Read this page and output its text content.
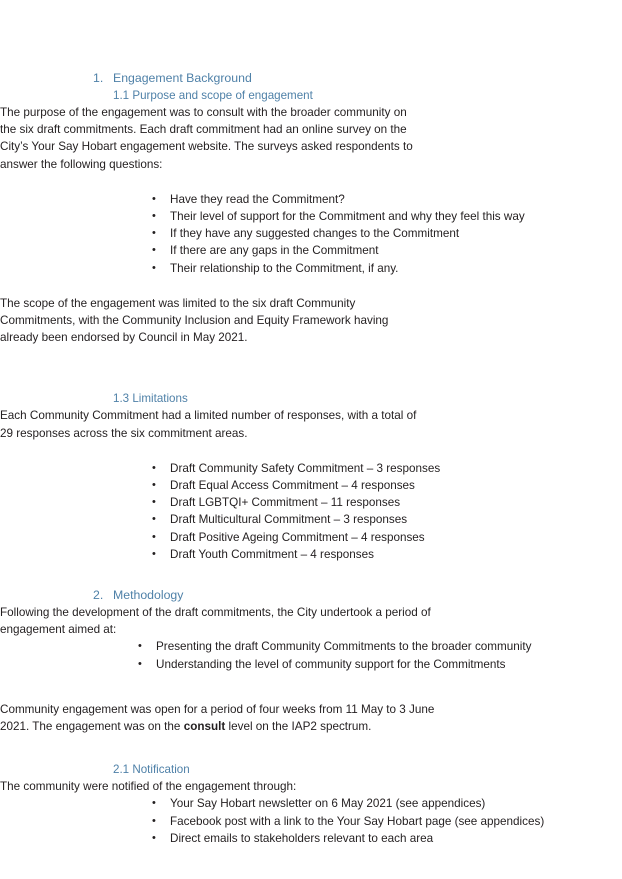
1. Engagement Background
1.1 Purpose and scope of engagement

The purpose of the engagement was to consult with the broader community on the six draft commitments. Each draft commitment had an online survey on the City’s Your Say Hobart engagement website. The surveys asked respondents to answer the following questions:

• Have they read the Commitment?
• Their level of support for the Commitment and why they feel this way
• If they have any suggested changes to the Commitment
• If there are any gaps in the Commitment
• Their relationship to the Commitment, if any.

The scope of the engagement was limited to the six draft Community Commitments, with the Community Inclusion and Equity Framework having already been endorsed by Council in May 2021.

1.3 Limitations

Each Community Commitment had a limited number of responses, with a total of 29 responses across the six commitment areas.

• Draft Community Safety Commitment – 3 responses
• Draft Equal Access Commitment – 4 responses
• Draft LGBTQI+ Commitment – 11 responses
• Draft Multicultural Commitment – 3 responses
• Draft Positive Ageing Commitment – 4 responses
• Draft Youth Commitment – 4 responses
2. Methodology

Following the development of the draft commitments, the City undertook a period of engagement aimed at:

• Presenting the draft Community Commitments to the broader community
• Understanding the level of community support for the Commitments

Community engagement was open for a period of four weeks from 11 May to 3 June 2021. The engagement was on the consult level on the IAP2 spectrum.

2.1 Notification

The community were notified of the engagement through:

• Your Say Hobart newsletter on 6 May 2021 (see appendices)
• Facebook post with a link to the Your Say Hobart page (see appendices)
• Direct emails to stakeholders relevant to each area
